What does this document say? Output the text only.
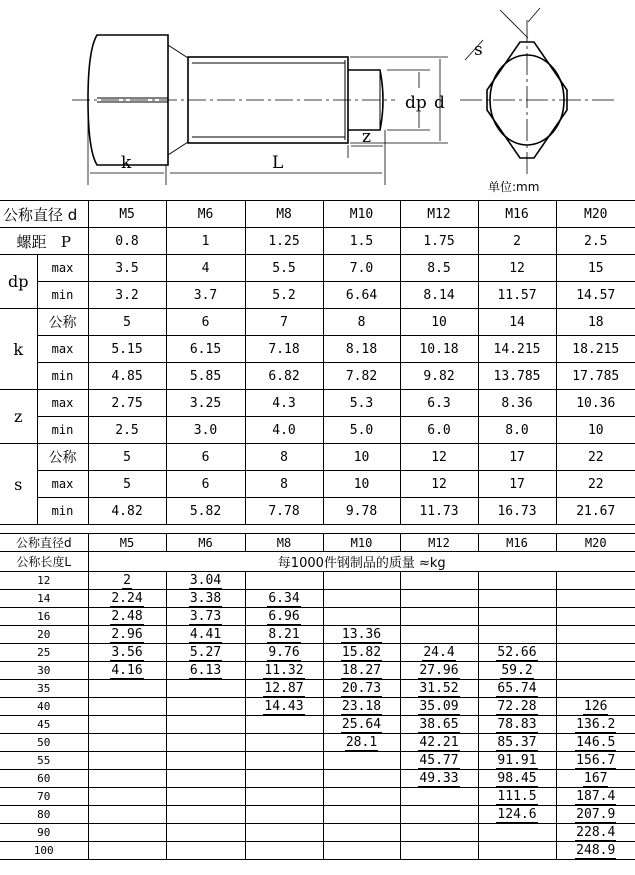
k	L
z
dp d
s
单位:mm
公称直径 d		M5	M6	M8	M10	M12	M16	M20
螺距 P		0.8	1	1.25	1.5	1.75	2	2.5
dp	max	3.5	4	5.5	7.0	8.5	12	15
	min	3.2	3.7	5.2	6.64	8.14	11.57	14.57
k	公称	5	6	7	8	10	14	18
	max	5.15	6.15	7.18	8.18	10.18	14.215	18.215
	min	4.85	5.85	6.82	7.82	9.82	13.785	17.785
z	max	2.75	3.25	4.3	5.3	6.3	8.36	10.36
	min	2.5	3.0	4.0	5.0	6.0	8.0	10
s	公称	5	6	8	10	12	17	22
	max	5	6	8	10	12	17	22
	min	4.82	5.82	7.78	9.78	11.73	16.73	21.67
公称直径d	M5	M6	M8	M10	M12	M16	M20
公称长度L	每1000件钢制品的质量 ≈kg						
12	2	3.04					
14	2.24	3.38	6.34				
16	2.48	3.73	6.96				
20	2.96	4.41	8.21	13.36			
25	3.56	5.27	9.76	15.82	24.4	52.66	
30	4.16	6.13	11.32	18.27	27.96	59.2	
35			12.87	20.73	31.52	65.74	
40			14.43	23.18	35.09	72.28	126
45				25.64	38.65	78.83	136.2
50				28.1	42.21	85.37	146.5
55					45.77	91.91	156.7
60					49.33	98.45	167
70						111.5	187.4
80						124.6	207.9
90							228.4
100							248.9
